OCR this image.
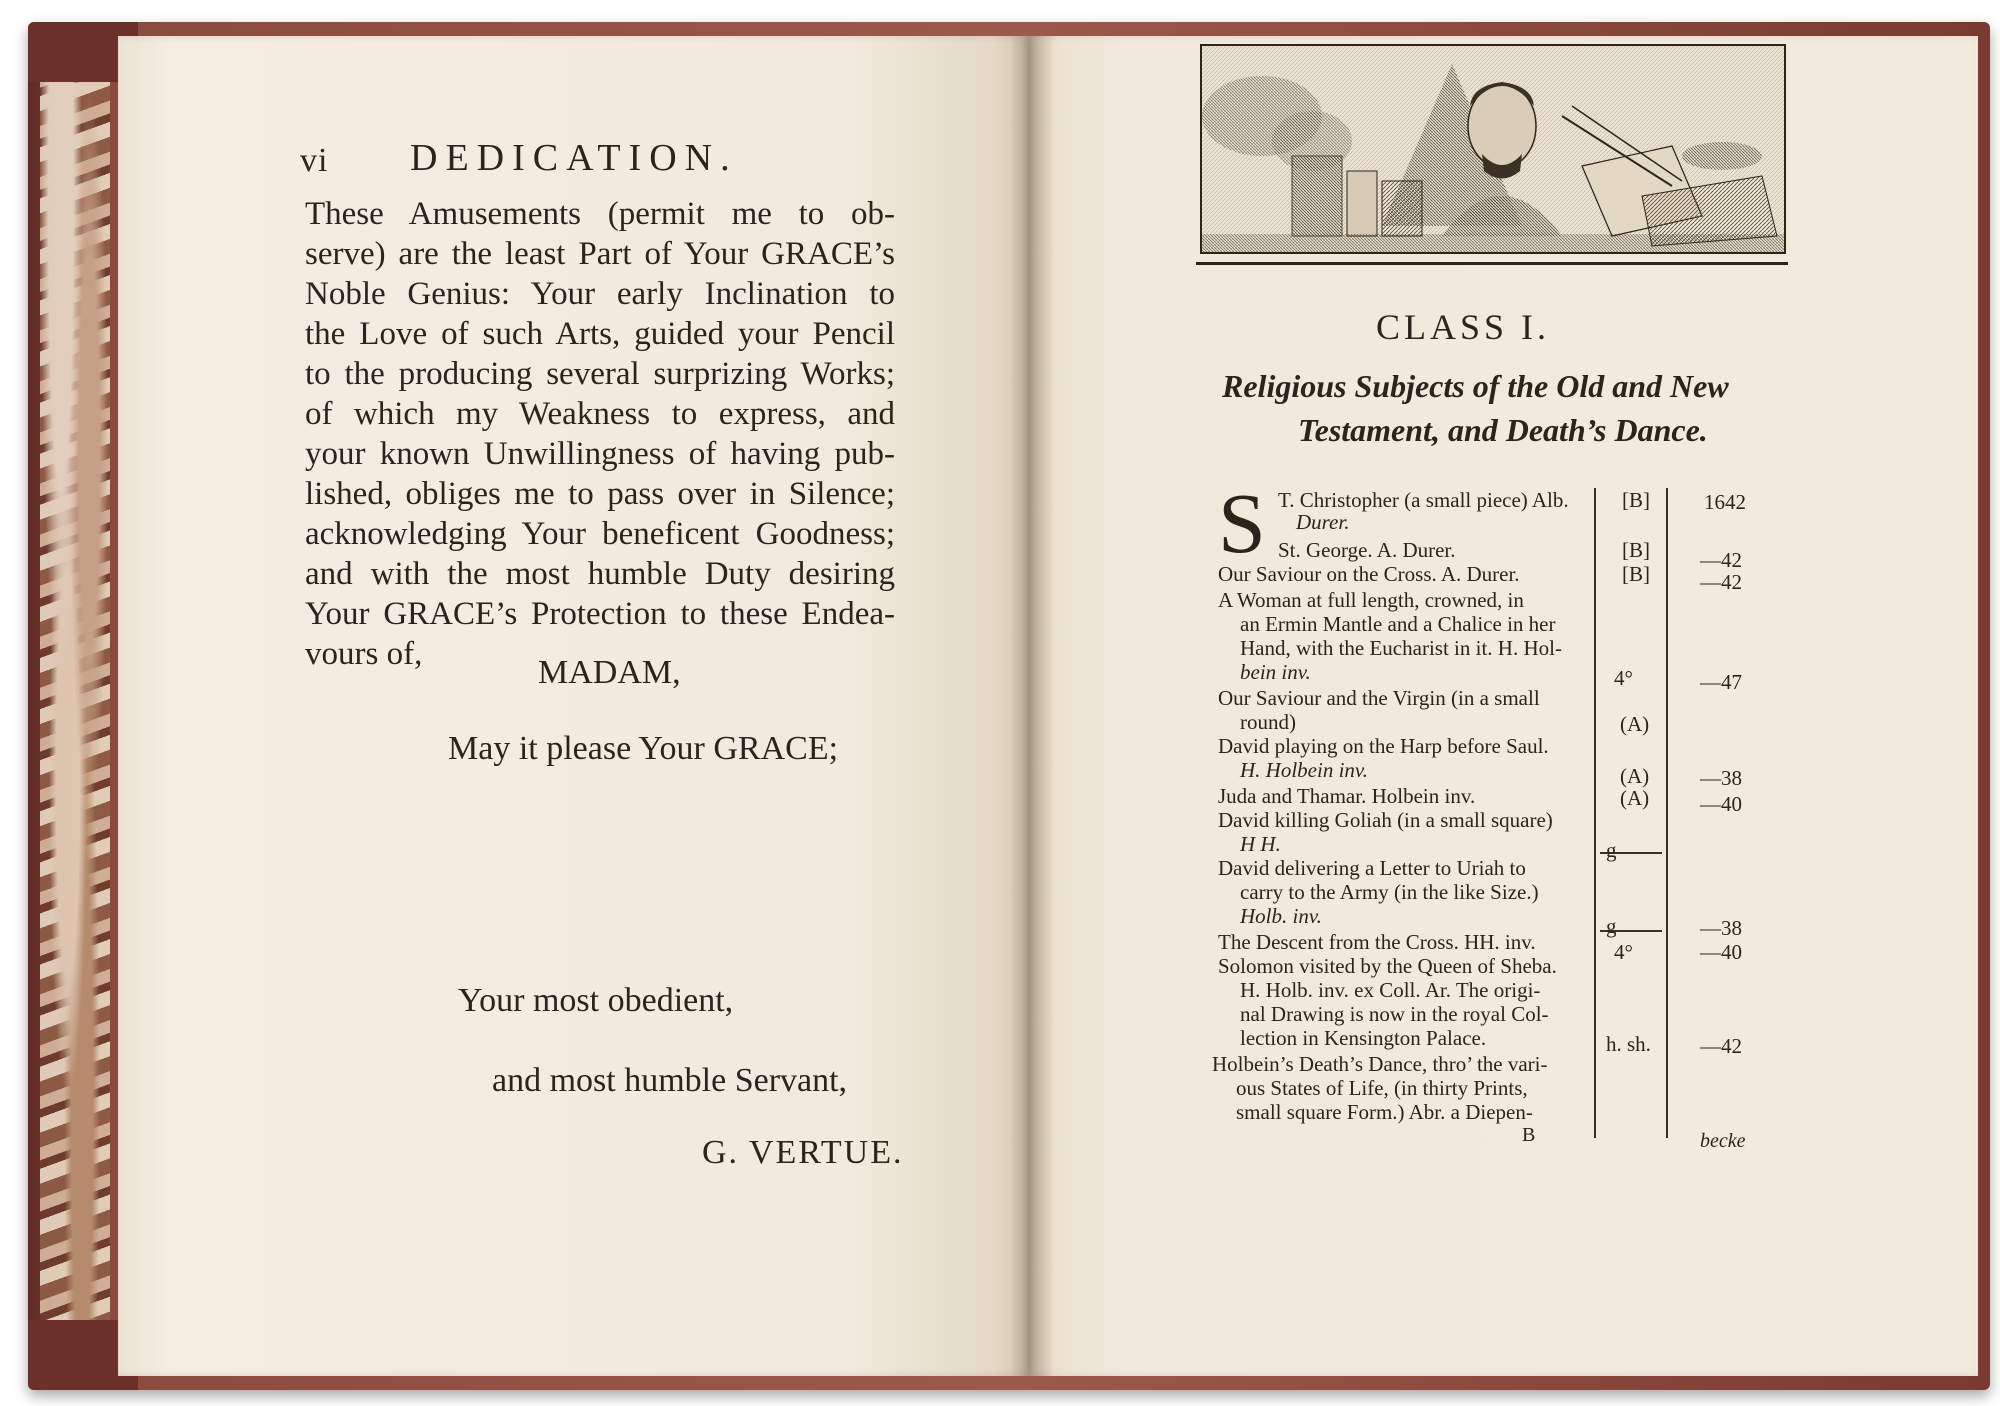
vi DEDICATION.
These Amusements (permit me to ob-
serve) are the least Part of Your GRACE’s
Noble Genius: Your early Inclination to
the Love of such Arts, guided your Pencil
to the producing several surprizing Works;
of which my Weakness to express, and
your known Unwillingness of having pub-
lished, obliges me to pass over in Silence;
acknowledging Your beneficent Goodness;
and with the most humble Duty desiring
Your GRACE’s Protection to these Endea-
vours of,	MADAM,
May it please Your GRACE;
Your most obedient,
and most humble Servant,
G. VERTUE.
CLASS I.
Religious Subjects of the Old and New
Testament, and Death’s Dance.
S T. Christopher (a small piece) Alb.
Durer.
St. George. A. Durer.
Our Saviour on the Cross. A. Durer.
A Woman at full length, crowned, in
an Ermin Mantle and a Chalice in her
Hand, with the Eucharist in it. H. Hol-
bein inv.
Our Saviour and the Virgin (in a small
round)
David playing on the Harp before Saul.
H. Holbein inv.
Juda and Thamar. Holbein inv.
David killing Goliah (in a small square)
H H.
David delivering a Letter to Uriah to
carry to the Army (in the like Size.)
Holb. inv.
The Descent from the Cross. HH. inv.
Solomon visited by the Queen of Sheba.
H. Holb. inv. ex Coll. Ar. The origi-
nal Drawing is now in the royal Col-
lection in Kensington Palace.
Holbein’s Death’s Dance, thro’ the vari-
ous States of Life, (in thirty Prints,
small square Form.) Abr. a Diepen-
[B]
[B]
[B]
4°
(A)
(A)
(A)
g
g
4°
h. sh.
1642
—42
—42
—47
—38
—40
—38
—40
—42
B	becke
